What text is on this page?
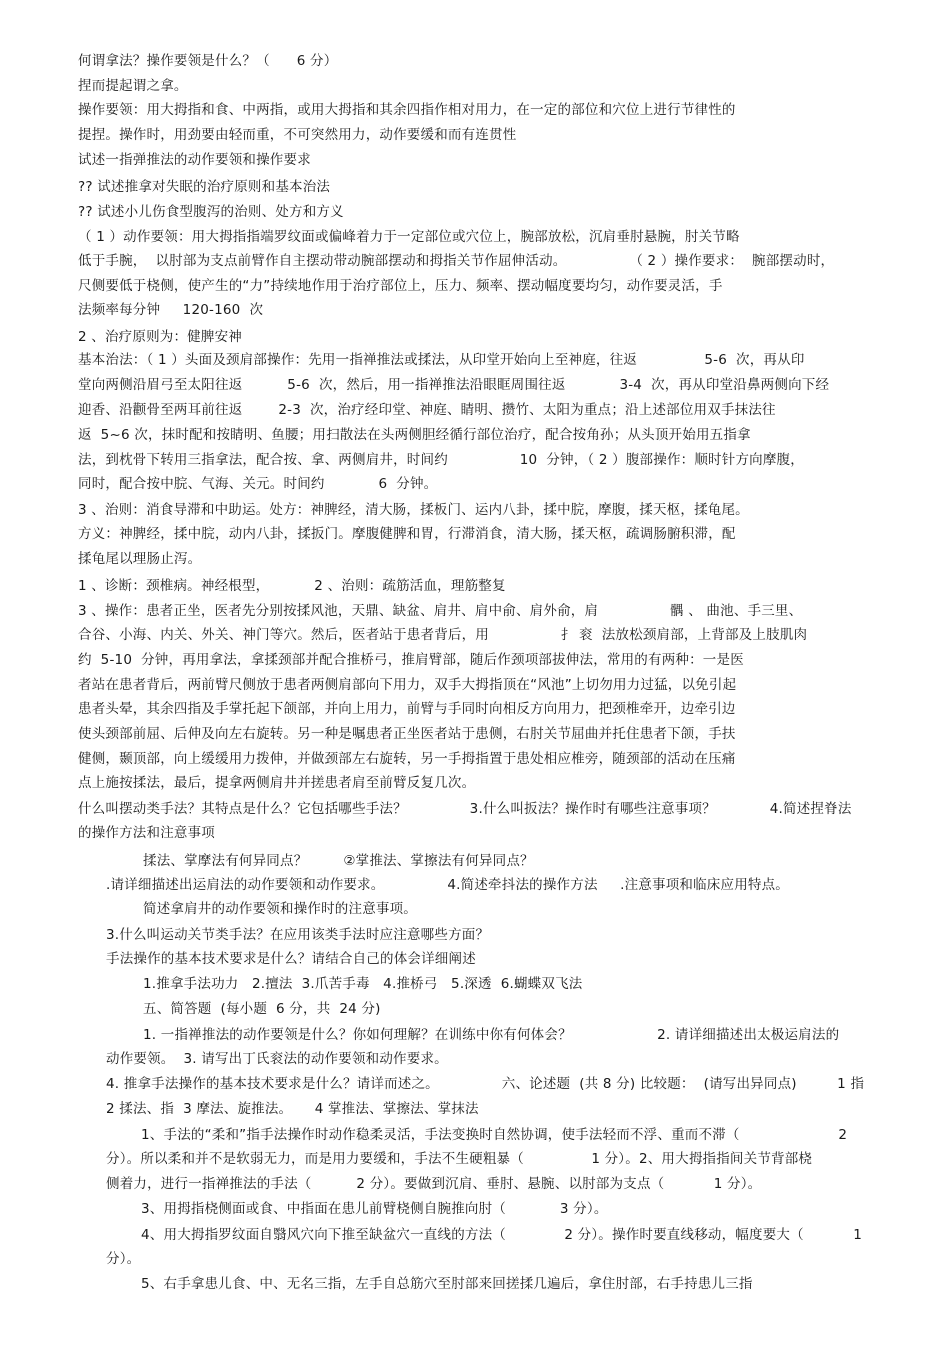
何谓拿法？操作要领是什么？（      6 分）
捏而提起谓之拿。
操作要领：用大拇指和食、中两指，或用大拇指和其余四指作相对用力，在一定的部位和穴位上进行节律性的
提捏。操作时，用劲要由轻而重，不可突然用力，动作要缓和而有连贯性
试述一指弹推法的动作要领和操作要求
?? 试述推拿对失眠的治疗原则和基本治法
?? 试述小儿伤食型腹泻的治则、处方和方义
（ 1 ）动作要领：用大拇指指端罗纹面或偏峰着力于一定部位或穴位上，腕部放松，沉肩垂肘悬腕，肘关节略
低于手腕，  以肘部为支点前臂作自主摆动带动腕部摆动和拇指关节作屈伸活动。              （ 2 ）操作要求：  腕部摆动时，
尺侧要低于桡侧，使产生的“力”持续地作用于治疗部位上，压力、频率、摆动幅度要均匀，动作要灵活，手
法频率每分钟     120-160  次
2 、治疗原则为：健脾安神
基本治法：（ 1 ）头面及颈肩部操作：先用一指禅推法或揉法，从印堂开始向上至神庭，往返               5-6  次，再从印
堂向两侧沿眉弓至太阳往返          5-6  次，然后，用一指禅推法沿眼眶周围往返            3-4  次，再从印堂沿鼻两侧向下经
迎香、沿颧骨至两耳前往返        2-3  次，治疗经印堂、神庭、睛明、攒竹、太阳为重点；沿上述部位用双手抹法往
返  5~6 次，抹时配和按睛明、鱼腰；用扫散法在头两侧胆经循行部位治疗，配合按角孙；从头顶开始用五指拿
法，到枕骨下转用三指拿法，配合按、拿、两侧肩井，时间约                10  分钟，（ 2 ）腹部操作：顺时针方向摩腹，
同时，配合按中脘、气海、关元。时间约            6  分钟。
3 、治则：消食导滞和中助运。处方：神脾经，清大肠，揉板门、运内八卦，揉中脘，摩腹，揉天枢，揉龟尾。
方义：神脾经，揉中脘，动内八卦，揉扳门。摩腹健脾和胃，行滞消食，清大肠，揉天枢，疏调肠腑积滞，配
揉龟尾以理肠止泻。
1 、诊断：颈椎病。神经根型，          2 、治则：疏筋活血，理筋整复
3 、操作：患者正坐，医者先分别按揉风池，天鼎、缺盆、肩井、肩中俞、肩外俞，肩                髃 、 曲池、手三里、
合谷、小海、内关、外关、神门等穴。然后，医者站于患者背后，用                扌 衮  法放松颈肩部，上背部及上肢肌肉
约  5-10  分钟，再用拿法，拿揉颈部并配合推桥弓，推肩臂部，随后作颈项部拔伸法，常用的有两种：一是医
者站在患者背后，两前臂尺侧放于患者两侧肩部向下用力，双手大拇指顶在“风池”上切勿用力过猛，以免引起
患者头晕，其余四指及手掌托起下颌部，并向上用力，前臂与手同时向相反方向用力，把颈椎牵开，边牵引边
使头颈部前屈、后伸及向左右旋转。另一种是嘱患者正坐医者站于患侧，右肘关节屈曲并托住患者下颌，手扶
健侧，颞顶部，向上缓缓用力拨伸，并做颈部左右旋转，另一手拇指置于患处相应椎旁，随颈部的活动在压痛
点上施按揉法，最后，提拿两侧肩井并搓患者肩至前臂反复几次。
什么叫摆动类手法？其特点是什么？它包括哪些手法？              3.什么叫扳法？操作时有哪些注意事项？            4.简述捏脊法
的操作方法和注意事项
揉法、掌摩法有何异同点？        ②掌推法、掌擦法有何异同点？
.请详细描述出运肩法的动作要领和动作要求。              4.简述牵抖法的操作方法     .注意事项和临床应用特点。
简述拿肩井的动作要领和操作时的注意事项。
3.什么叫运动关节类手法？在应用该类手法时应注意哪些方面？
手法操作的基本技术要求是什么？请结合自己的体会详细阐述
1.推拿手法功力   2.擅法  3.爪苦手毒   4.推桥弓   5.深透  6.蝴蝶双飞法
五、简答题  (每小题  6 分，共  24 分)
1. 一指禅推法的动作要领是什么？你如何理解？在训练中你有何体会？                   2. 请详细描述出太极运肩法的
动作要领。  3. 请写出丁氏衮法的动作要领和动作要求。
4. 推拿手法操作的基本技术要求是什么？请详而述之。              六、论述题  (共 8 分) 比较题：  (请写出异同点)         1 指
2 揉法、指  3 摩法、旋推法。     4 掌推法、掌擦法、掌抹法
1、手法的“柔和”指手法操作时动作稳柔灵活，手法变换时自然协调，使手法轻而不浮、重而不滞（                      2
分）。所以柔和并不是软弱无力，而是用力要缓和，手法不生硬粗暴（               1 分）。2、用大拇指指间关节背部桡
侧着力，进行一指禅推法的手法（          2 分）。要做到沉肩、垂肘、悬腕、以肘部为支点（           1 分）。
3、用拇指桡侧面或食、中指面在患儿前臂桡侧自腕推向肘（            3 分）。
4、用大拇指罗纹面自翳风穴向下推至缺盆穴一直线的方法（             2 分）。操作时要直线移动，幅度要大（           1
分）。
5、右手拿患儿食、中、无名三指，左手自总筋穴至肘部来回搓揉几遍后，拿住肘部，右手持患儿三指
